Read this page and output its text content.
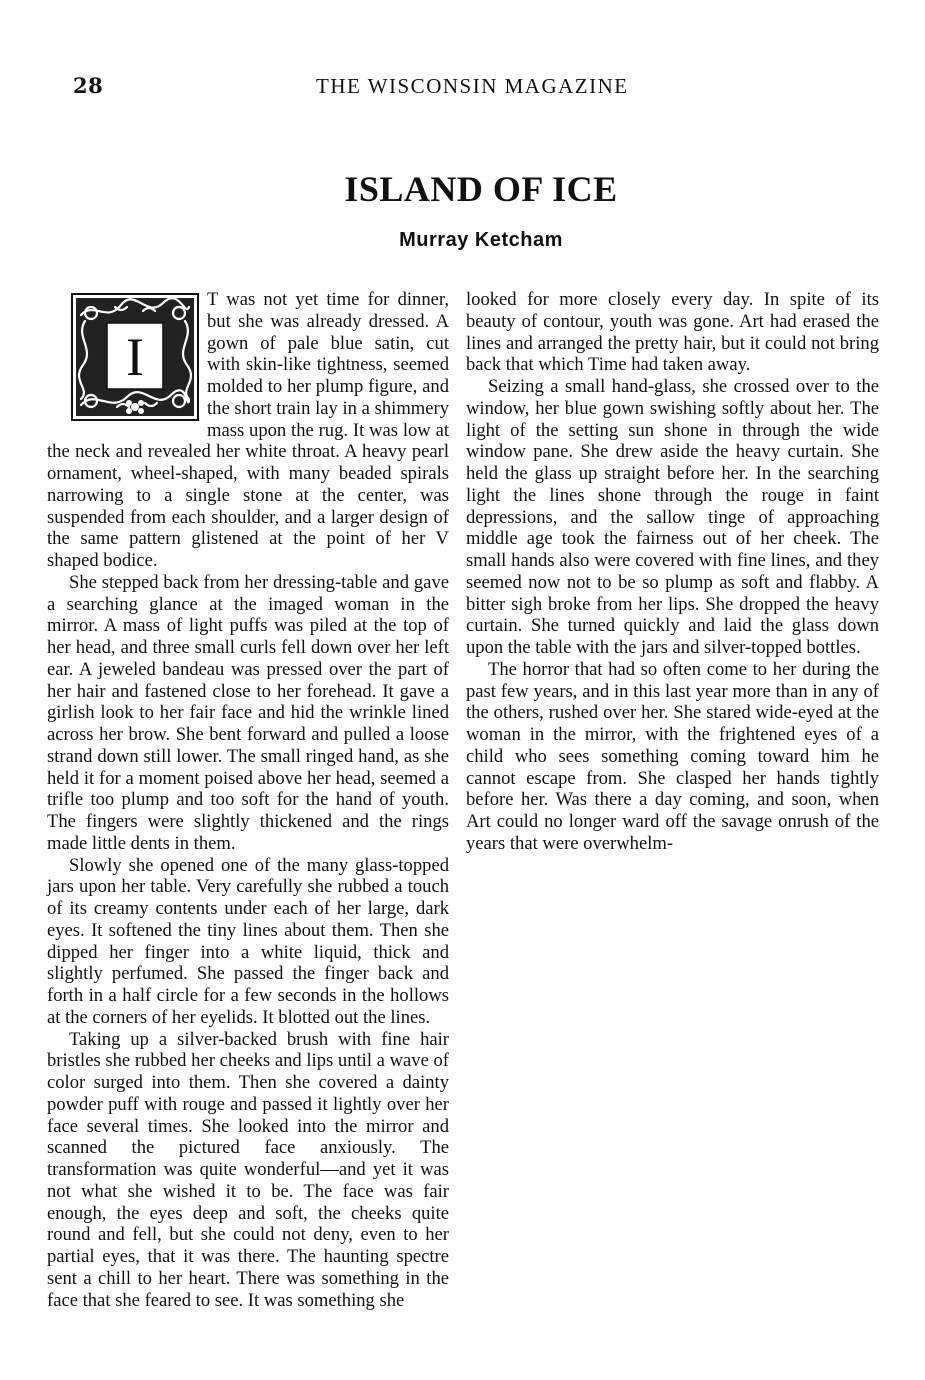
28	THE WISCONSIN MAGAZINE
ISLAND OF ICE
Murray Ketcham

I
T was not yet time for dinner, but she was already dressed. A gown of pale blue satin, cut with skin-like tightness, seemed molded to her plump figure, and the short train lay in a shimmery mass upon the rug. It was low at the neck and revealed her white throat. A heavy pearl ornament, wheel-shaped, with many beaded spirals narrowing to a single stone at the center, was suspended from each shoulder, and a larger design of the same pattern glistened at the point of her V shaped bodice.

She stepped back from her dressing-table and gave a searching glance at the imaged woman in the mirror. A mass of light puffs was piled at the top of her head, and three small curls fell down over her left ear. A jeweled bandeau was pressed over the part of her hair and fastened close to her forehead. It gave a girlish look to her fair face and hid the wrinkle lined across her brow. She bent forward and pulled a loose strand down still lower. The small ringed hand, as she held it for a moment poised above her head, seemed a trifle too plump and too soft for the hand of youth. The fingers were slightly thickened and the rings made little dents in them.

Slowly she opened one of the many glass-topped jars upon her table. Very carefully she rubbed a touch of its creamy contents under each of her large, dark eyes. It softened the tiny lines about them. Then she dipped her finger into a white liquid, thick and slightly perfumed. She passed the finger back and forth in a half circle for a few seconds in the hollows at the corners of her eyelids. It blotted out the lines.

Taking up a silver-backed brush with fine hair bristles she rubbed her cheeks and lips until a wave of color surged into them. Then she covered a dainty powder puff with rouge and passed it lightly over her face several times. She looked into the mirror and scanned the pictured face anxiously. The transformation was quite wonderful—and yet it was not what she wished it to be. The face was fair enough, the eyes deep and soft, the cheeks quite round and fell, but she could not deny, even to her partial eyes, that it was there. The haunting spectre sent a chill to her heart. There was something in the face that she feared to see. It was something she

looked for more closely every day. In spite of its beauty of contour, youth was gone. Art had erased the lines and arranged the pretty hair, but it could not bring back that which Time had taken away.

Seizing a small hand-glass, she crossed over to the window, her blue gown swishing softly about her. The light of the setting sun shone in through the wide window pane. She drew aside the heavy curtain. She held the glass up straight before her. In the searching light the lines shone through the rouge in faint depressions, and the sallow tinge of approaching middle age took the fairness out of her cheek. The small hands also were covered with fine lines, and they seemed now not to be so plump as soft and flabby. A bitter sigh broke from her lips. She dropped the heavy curtain. She turned quickly and laid the glass down upon the table with the jars and silver-topped bottles.

The horror that had so often come to her during the past few years, and in this last year more than in any of the others, rushed over her. She stared wide-eyed at the woman in the mirror, with the frightened eyes of a child who sees something coming toward him he cannot escape from. She clasped her hands tightly before her. Was there a day coming, and soon, when Art could no longer ward off the savage onrush of the years that were overwhelm-
